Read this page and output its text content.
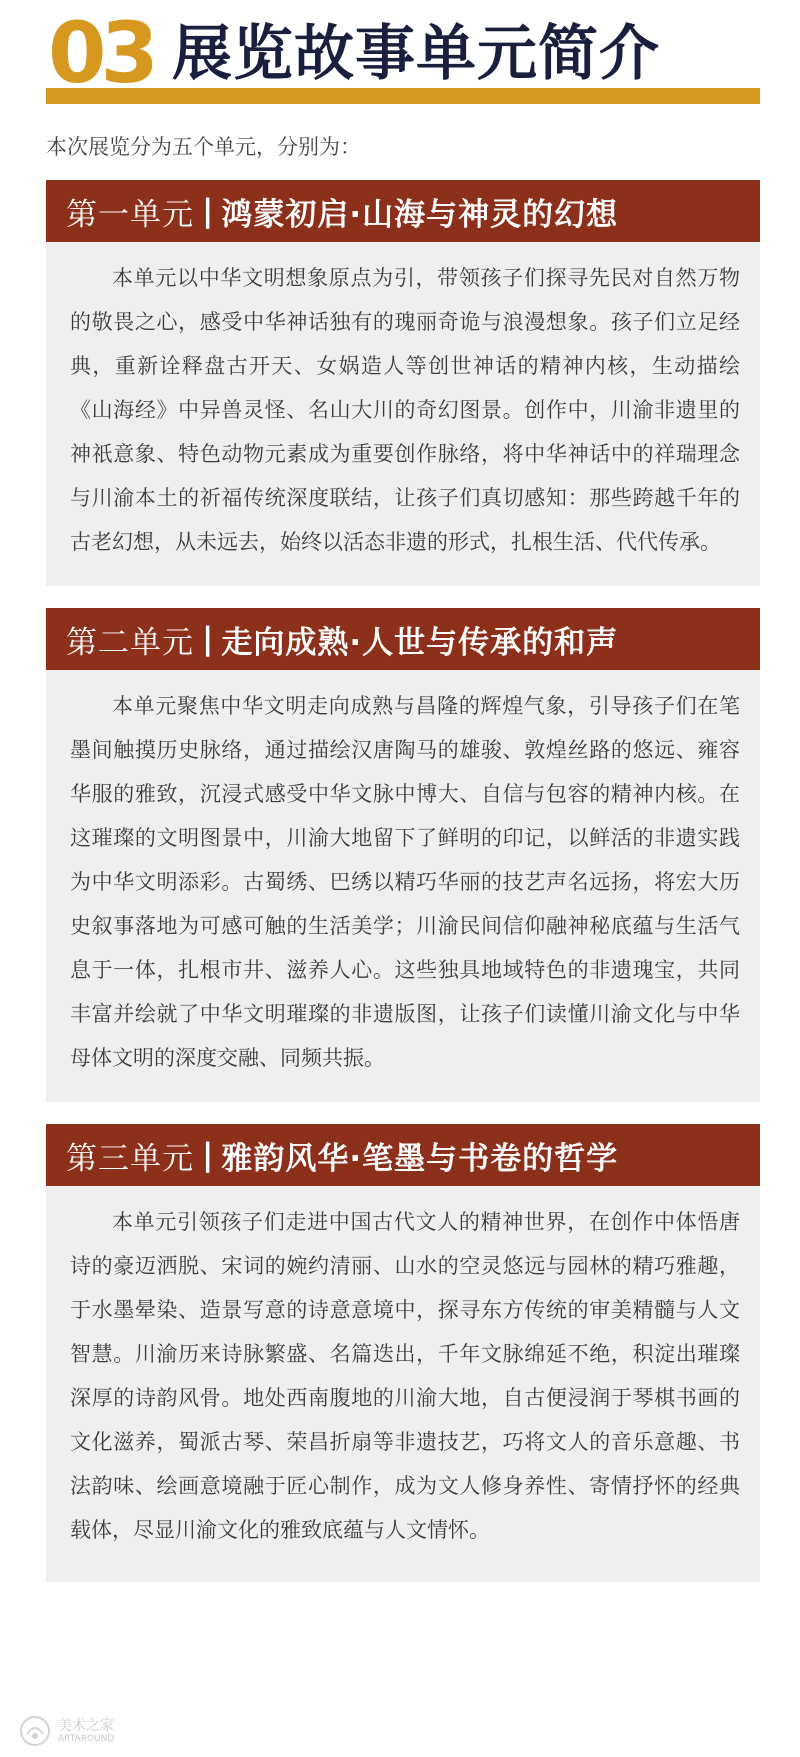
03 展览故事单元简介

本次展览分为五个单元，分别为：

第一单元 | 鸿蒙初启·山海与神灵的幻想
本单元以中华文明想象原点为引，带领孩子们探寻先民对自然万物的敬畏之心，感受中华神话独有的瑰丽奇诡与浪漫想象。孩子们立足经典，重新诠释盘古开天、女娲造人等创世神话的精神内核，生动描绘《山海经》中异兽灵怪、名山大川的奇幻图景。创作中，川渝非遗里的神祇意象、特色动物元素成为重要创作脉络，将中华神话中的祥瑞理念与川渝本土的祈福传统深度联结，让孩子们真切感知：那些跨越千年的古老幻想，从未远去，始终以活态非遗的形式，扎根生活、代代传承。
第二单元 | 走向成熟·人世与传承的和声
本单元聚焦中华文明走向成熟与昌隆的辉煌气象，引导孩子们在笔墨间触摸历史脉络，通过描绘汉唐陶马的雄骏、敦煌丝路的悠远、雍容华服的雅致，沉浸式感受中华文脉中博大、自信与包容的精神内核。在这璀璨的文明图景中，川渝大地留下了鲜明的印记，以鲜活的非遗实践为中华文明添彩。古蜀绣、巴绣以精巧华丽的技艺声名远扬，将宏大历史叙事落地为可感可触的生活美学；川渝民间信仰融神秘底蕴与生活气息于一体，扎根市井、滋养人心。这些独具地域特色的非遗瑰宝，共同丰富并绘就了中华文明璀璨的非遗版图，让孩子们读懂川渝文化与中华母体文明的深度交融、同频共振。
第三单元 | 雅韵风华·笔墨与书卷的哲学
本单元引领孩子们走进中国古代文人的精神世界，在创作中体悟唐诗的豪迈洒脱、宋词的婉约清丽、山水的空灵悠远与园林的精巧雅趣，于水墨晕染、造景写意的诗意意境中，探寻东方传统的审美精髓与人文智慧。川渝历来诗脉繁盛、名篇迭出，千年文脉绵延不绝，积淀出璀璨深厚的诗韵风骨。地处西南腹地的川渝大地，自古便浸润于琴棋书画的文化滋养，蜀派古琴、荣昌折扇等非遗技艺，巧将文人的音乐意趣、书法韵味、绘画意境融于匠心制作，成为文人修身养性、寄情抒怀的经典载体，尽显川渝文化的雅致底蕴与人文情怀。
美术之家
ARTAROUND
